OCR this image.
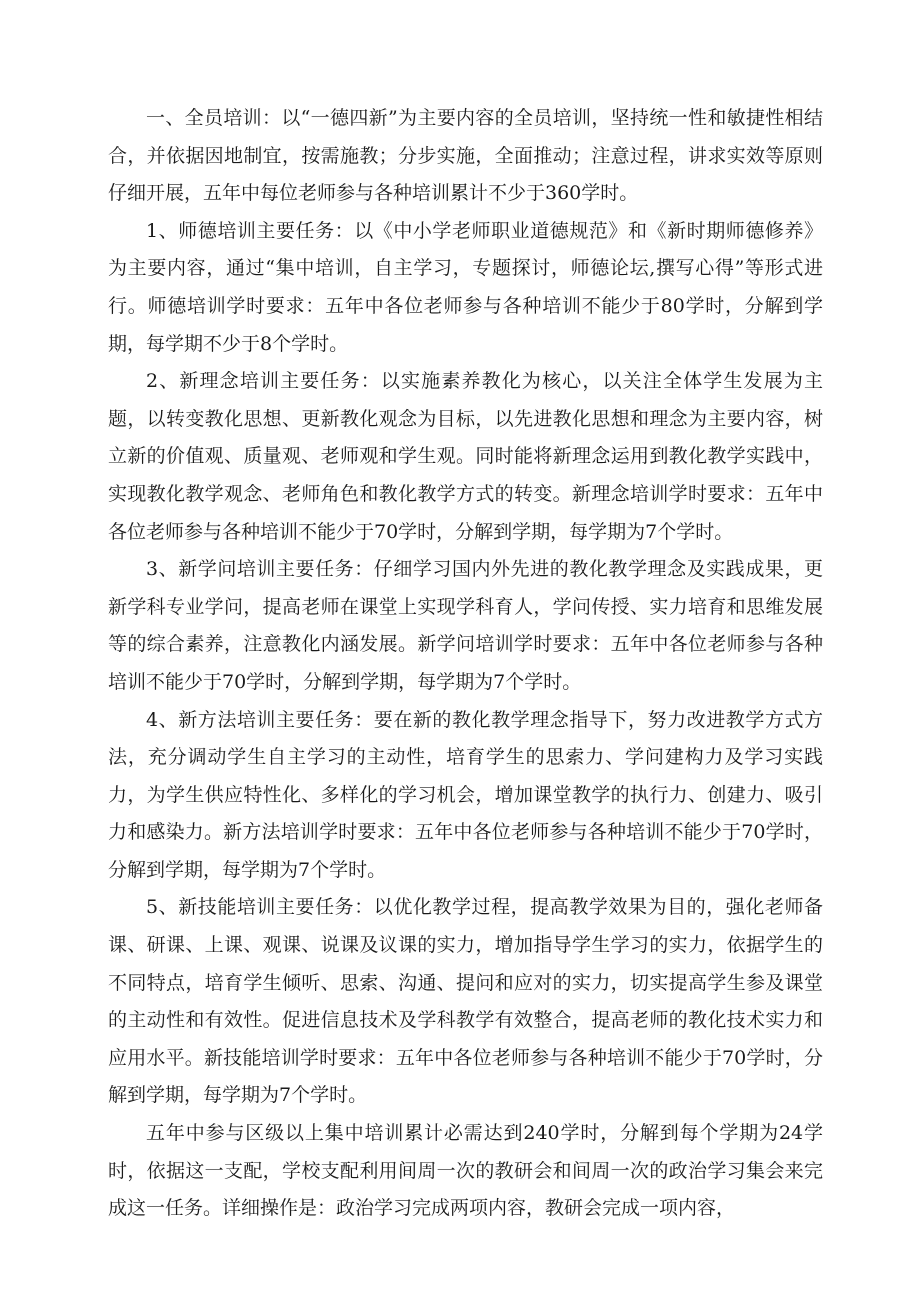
一、全员培训：以“一德四新”为主要内容的全员培训，坚持统一性和敏捷性相结合，并依据因地制宜，按需施教；分步实施，全面推动；注意过程，讲求实效等原则仔细开展，五年中每位老师参与各种培训累计不少于360学时。

1、师德培训主要任务：以《中小学老师职业道德规范》和《新时期师德修养》为主要内容，通过“集中培训，自主学习，专题探讨，师德论坛,撰写心得”等形式进行。师德培训学时要求：五年中各位老师参与各种培训不能少于80学时，分解到学期，每学期不少于8个学时。

2、新理念培训主要任务：以实施素养教化为核心，以关注全体学生发展为主题，以转变教化思想、更新教化观念为目标，以先进教化思想和理念为主要内容，树立新的价值观、质量观、老师观和学生观。同时能将新理念运用到教化教学实践中，实现教化教学观念、老师角色和教化教学方式的转变。新理念培训学时要求：五年中各位老师参与各种培训不能少于70学时，分解到学期，每学期为7个学时。

3、新学问培训主要任务：仔细学习国内外先进的教化教学理念及实践成果，更新学科专业学问，提高老师在课堂上实现学科育人，学问传授、实力培育和思维发展等的综合素养，注意教化内涵发展。新学问培训学时要求：五年中各位老师参与各种培训不能少于70学时，分解到学期，每学期为7个学时。

4、新方法培训主要任务：要在新的教化教学理念指导下，努力改进教学方式方法，充分调动学生自主学习的主动性，培育学生的思索力、学问建构力及学习实践力，为学生供应特性化、多样化的学习机会，增加课堂教学的执行力、创建力、吸引力和感染力。新方法培训学时要求：五年中各位老师参与各种培训不能少于70学时，分解到学期，每学期为7个学时。

5、新技能培训主要任务：以优化教学过程，提高教学效果为目的，强化老师备课、研课、上课、观课、说课及议课的实力，增加指导学生学习的实力，依据学生的不同特点，培育学生倾听、思索、沟通、提问和应对的实力，切实提高学生参及课堂的主动性和有效性。促进信息技术及学科教学有效整合，提高老师的教化技术实力和应用水平。新技能培训学时要求：五年中各位老师参与各种培训不能少于70学时，分解到学期，每学期为7个学时。

五年中参与区级以上集中培训累计必需达到240学时，分解到每个学期为24学时，依据这一支配，学校支配利用间周一次的教研会和间周一次的政治学习集会来完成这一任务。详细操作是：政治学习完成两项内容，教研会完成一项内容，
